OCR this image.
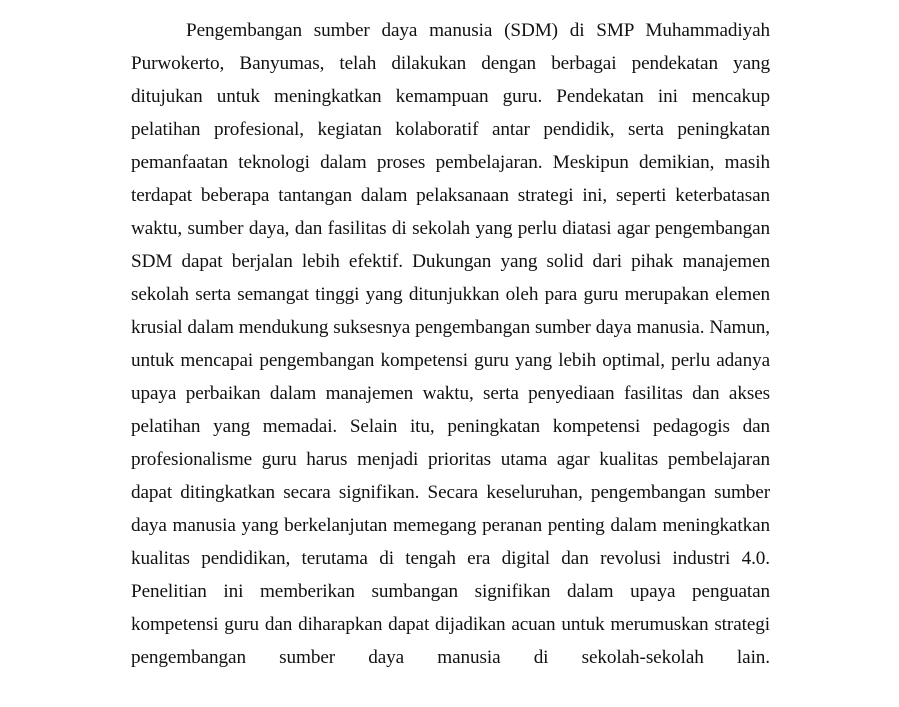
Pengembangan sumber daya manusia (SDM) di SMP Muhammadiyah Purwokerto, Banyumas, telah dilakukan dengan berbagai pendekatan yang ditujukan untuk meningkatkan kemampuan guru. Pendekatan ini mencakup pelatihan profesional, kegiatan kolaboratif antar pendidik, serta peningkatan pemanfaatan teknologi dalam proses pembelajaran. Meskipun demikian, masih terdapat beberapa tantangan dalam pelaksanaan strategi ini, seperti keterbatasan waktu, sumber daya, dan fasilitas di sekolah yang perlu diatasi agar pengembangan SDM dapat berjalan lebih efektif. Dukungan yang solid dari pihak manajemen sekolah serta semangat tinggi yang ditunjukkan oleh para guru merupakan elemen krusial dalam mendukung suksesnya pengembangan sumber daya manusia. Namun, untuk mencapai pengembangan kompetensi guru yang lebih optimal, perlu adanya upaya perbaikan dalam manajemen waktu, serta penyediaan fasilitas dan akses pelatihan yang memadai. Selain itu, peningkatan kompetensi pedagogis dan profesionalisme guru harus menjadi prioritas utama agar kualitas pembelajaran dapat ditingkatkan secara signifikan. Secara keseluruhan, pengembangan sumber daya manusia yang berkelanjutan memegang peranan penting dalam meningkatkan kualitas pendidikan, terutama di tengah era digital dan revolusi industri 4.0. Penelitian ini memberikan sumbangan signifikan dalam upaya penguatan kompetensi guru dan diharapkan dapat dijadikan acuan untuk merumuskan strategi pengembangan sumber daya manusia di sekolah-sekolah lain.
